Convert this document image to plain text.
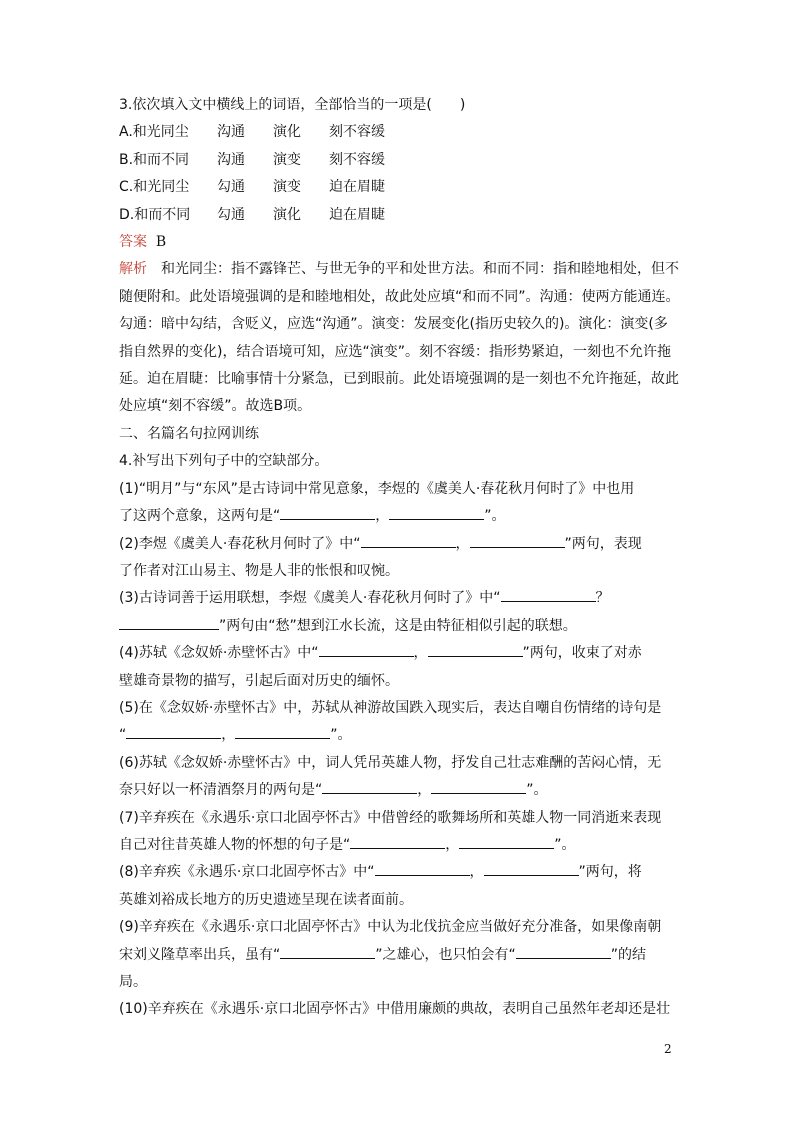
3.依次填入文中横线上的词语，全部恰当的一项是(　　)

A.和光同尘 沟通 演化 刻不容缓

B.和而不同 沟通 演变 刻不容缓

C.和光同尘 勾通 演变 迫在眉睫

D.和而不同 勾通 演化 迫在眉睫

答案 B

解析　和光同尘：指不露锋芒、与世无争的平和处世方法。和而不同：指和睦地相处，但不

随便附和。此处语境强调的是和睦地相处，故此处应填“和而不同”。沟通：使两方能通连。

勾通：暗中勾结，含贬义，应选“沟通”。演变：发展变化(指历史较久的)。演化：演变(多

指自然界的变化)，结合语境可知，应选“演变”。刻不容缓：指形势紧迫，一刻也不允许拖

延。迫在眉睫：比喻事情十分紧急，已到眼前。此处语境强调的是一刻也不允许拖延，故此

处应填“刻不容缓”。故选B项。

二、名篇名句拉网训练

4.补写出下列句子中的空缺部分。

(1)“明月”与“东风”是古诗词中常见意象，李煜的《虞美人·春花秋月何时了》中也用

了这两个意象，这两句是“	，	”。

(2)李煜《虞美人·春花秋月何时了》中“	，	”两句，表现

了作者对江山易主、物是人非的怅恨和叹惋。

(3)古诗词善于运用联想，李煜《虞美人·春花秋月何时了》中“	？

”两句由“愁”想到江水长流，这是由特征相似引起的联想。

(4)苏轼《念奴娇·赤壁怀古》中“	，	”两句，收束了对赤

壁雄奇景物的描写，引起后面对历史的缅怀。

(5)在《念奴娇·赤壁怀古》中，苏轼从神游故国跌入现实后，表达自嘲自伤情绪的诗句是

“	，	”。

(6)苏轼《念奴娇·赤壁怀古》中，词人凭吊英雄人物，抒发自己壮志难酬的苦闷心情，无

奈只好以一杯清酒祭月的两句是“	，	”。

(7)辛弃疾在《永遇乐·京口北固亭怀古》中借曾经的歌舞场所和英雄人物一同消逝来表现

自己对往昔英雄人物的怀想的句子是“	，	”。

(8)辛弃疾《永遇乐·京口北固亭怀古》中“	，	”两句，将

英雄刘裕成长地方的历史遗迹呈现在读者面前。

(9)辛弃疾在《永遇乐·京口北固亭怀古》中认为北伐抗金应当做好充分准备，如果像南朝

宋刘义隆草率出兵，虽有“	”之雄心，也只怕会有“	”的结

局。

(10)辛弃疾在《永遇乐·京口北固亭怀古》中借用廉颇的典故，表明自己虽然年老却还是壮

2
